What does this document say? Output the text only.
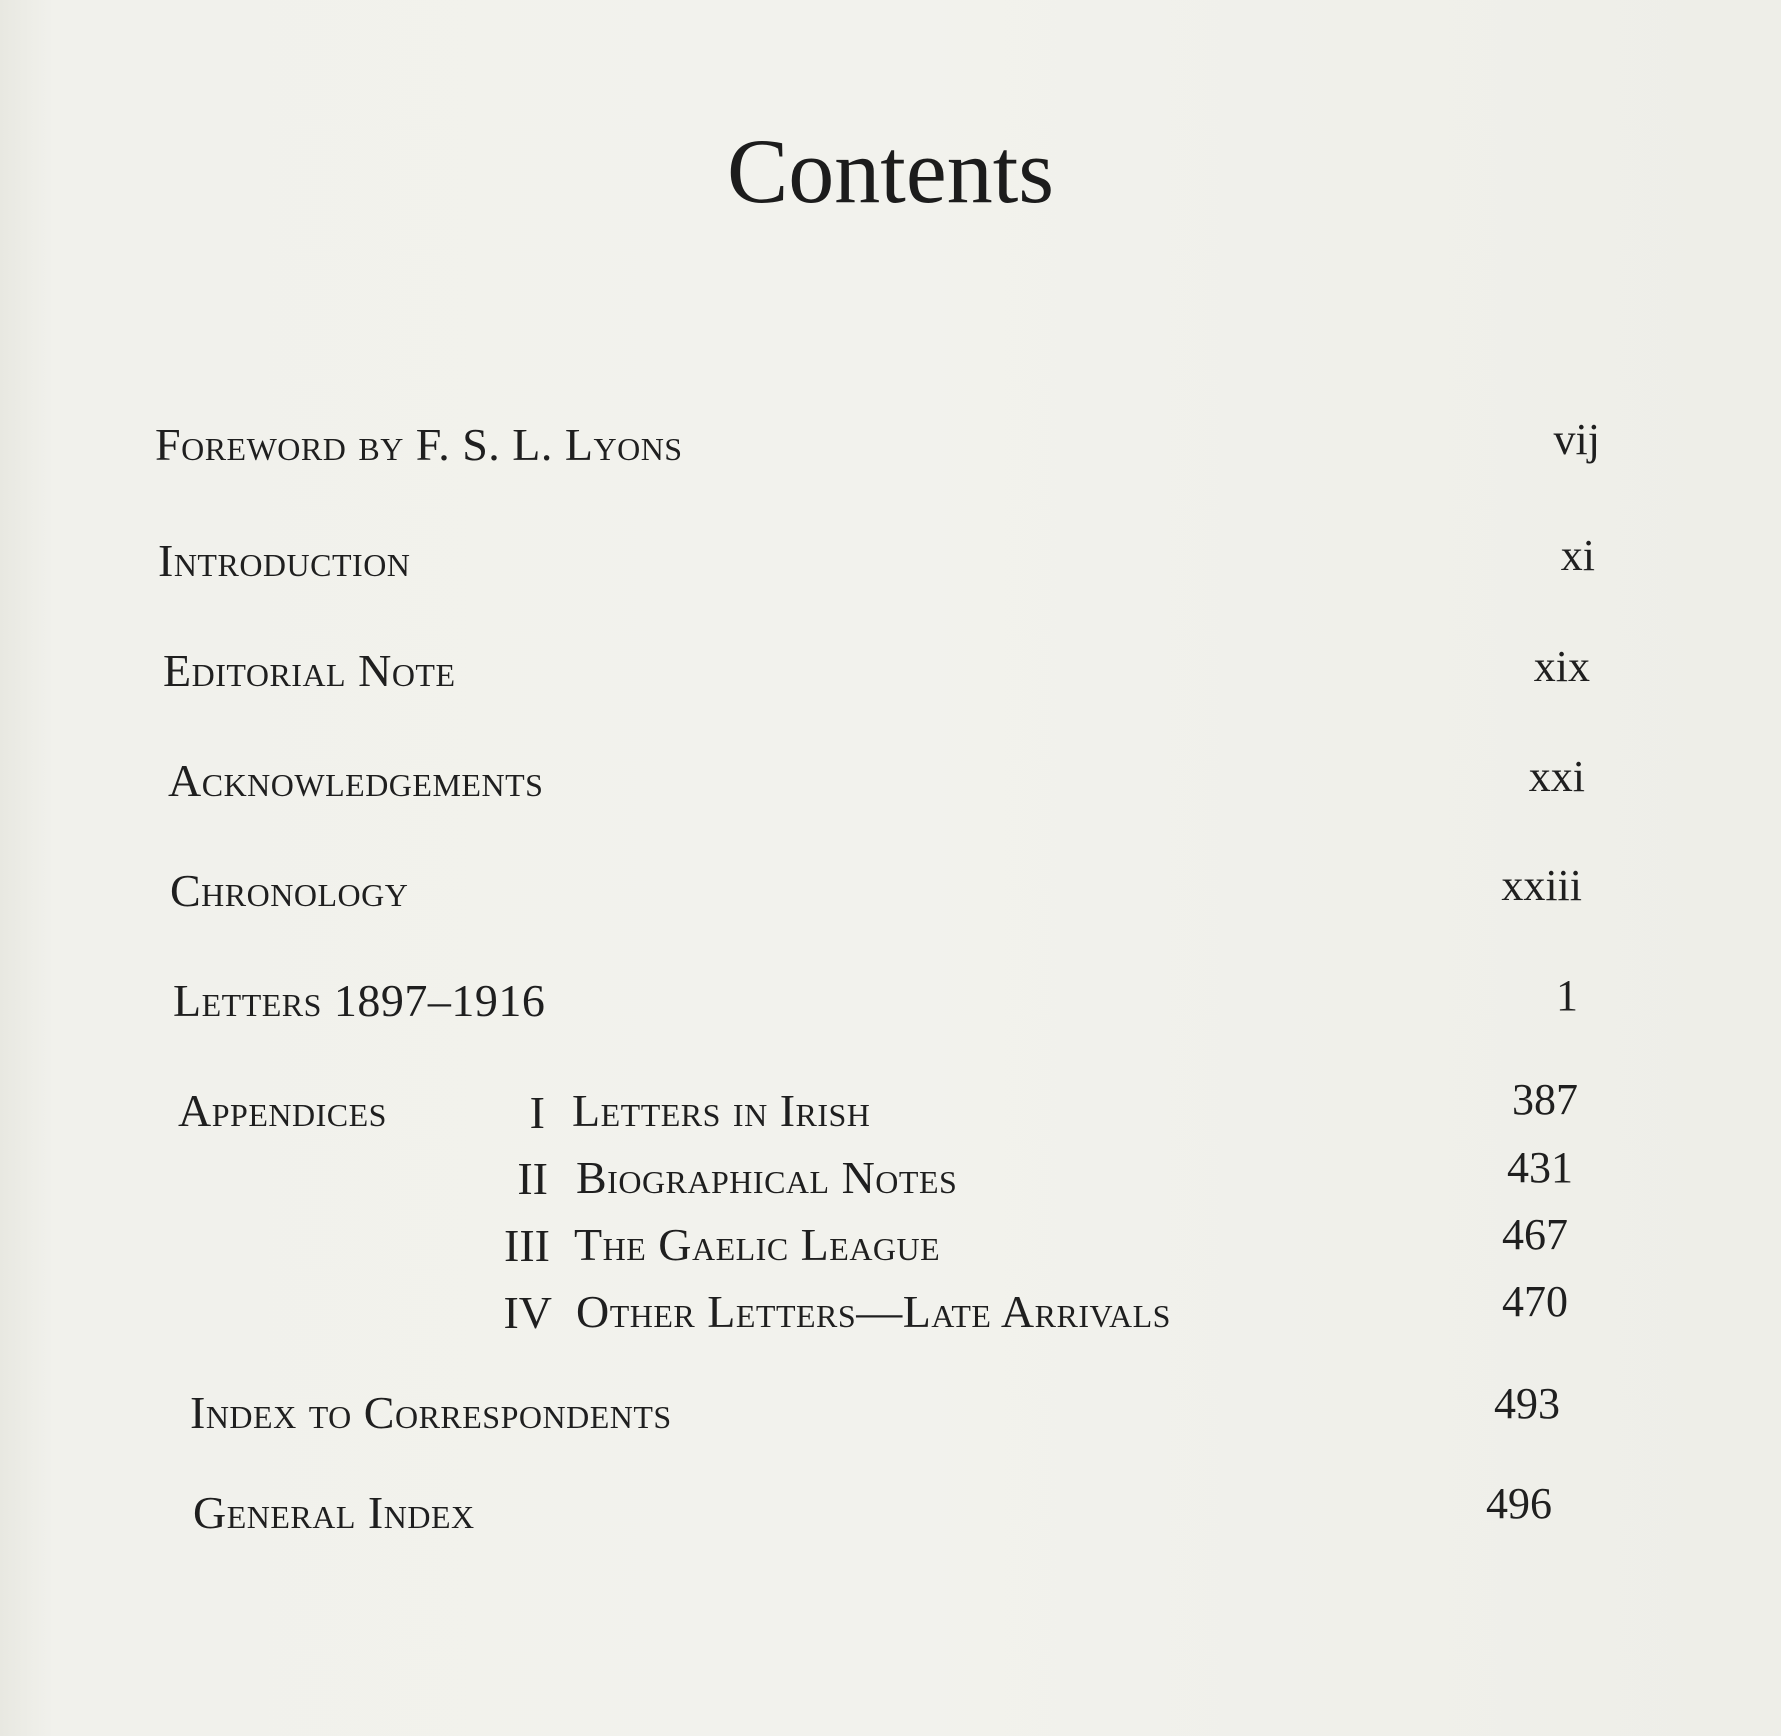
Contents
Foreword by F. S. L. Lyons	vij
Introduction	xi
Editorial Note	xix
Acknowledgements	xxi
Chronology	xxiii
Letters 1897–1916	1
Appendices	I Letters in Irish	387
II Biographical Notes	431
III The Gaelic League	467
IV Other Letters—Late Arrivals	470
Index to Correspondents	493
General Index	496
